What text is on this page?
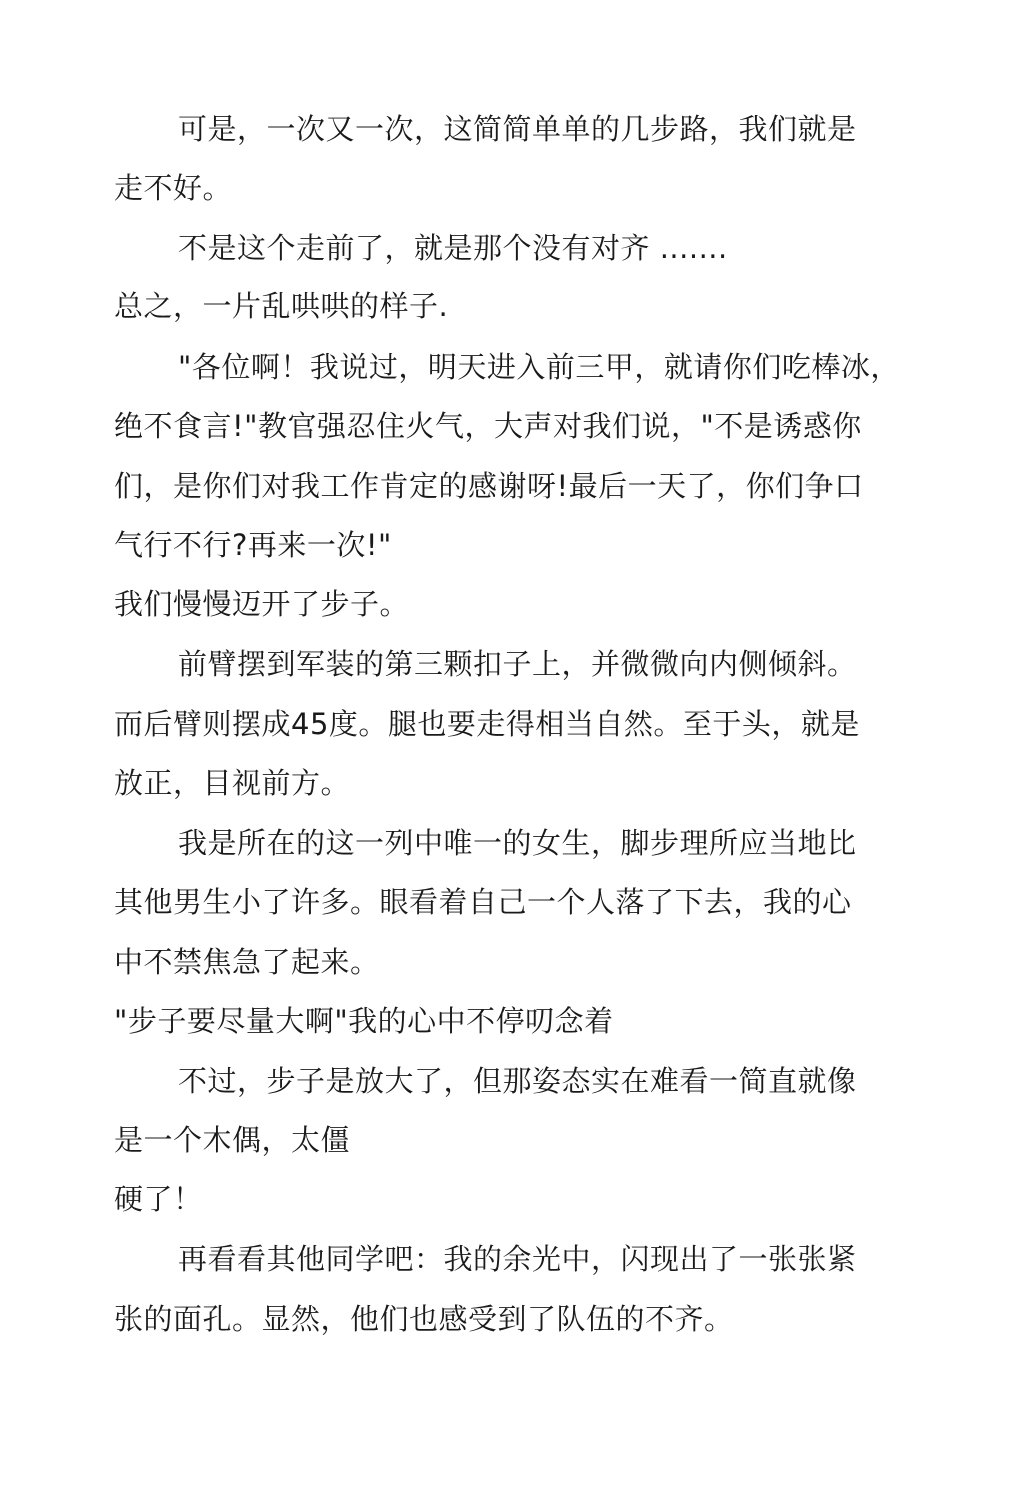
可是，一次又一次，这简简单单的几步路，我们就是
走不好。
不是这个走前了，就是那个没有对齐 .......
总之，一片乱哄哄的样子.
"各位啊！我说过，明天进入前三甲，就请你们吃棒冰，
绝不食言!"教官强忍住火气，大声对我们说，"不是诱惑你
们，是你们对我工作肯定的感谢呀!最后一天了，你们争口
气行不行?再来一次!"
我们慢慢迈开了步子。
前臂摆到军装的第三颗扣子上，并微微向内侧倾斜。
而后臂则摆成45度。腿也要走得相当自然。至于头，就是
放正，目视前方。
我是所在的这一列中唯一的女生，脚步理所应当地比
其他男生小了许多。眼看着自己一个人落了下去，我的心
中不禁焦急了起来。
"步子要尽量大啊"我的心中不停叨念着
不过，步子是放大了，但那姿态实在难看一简直就像
是一个木偶，太僵
硬了！
再看看其他同学吧：我的余光中，闪现出了一张张紧
张的面孔。显然，他们也感受到了队伍的不齐。
